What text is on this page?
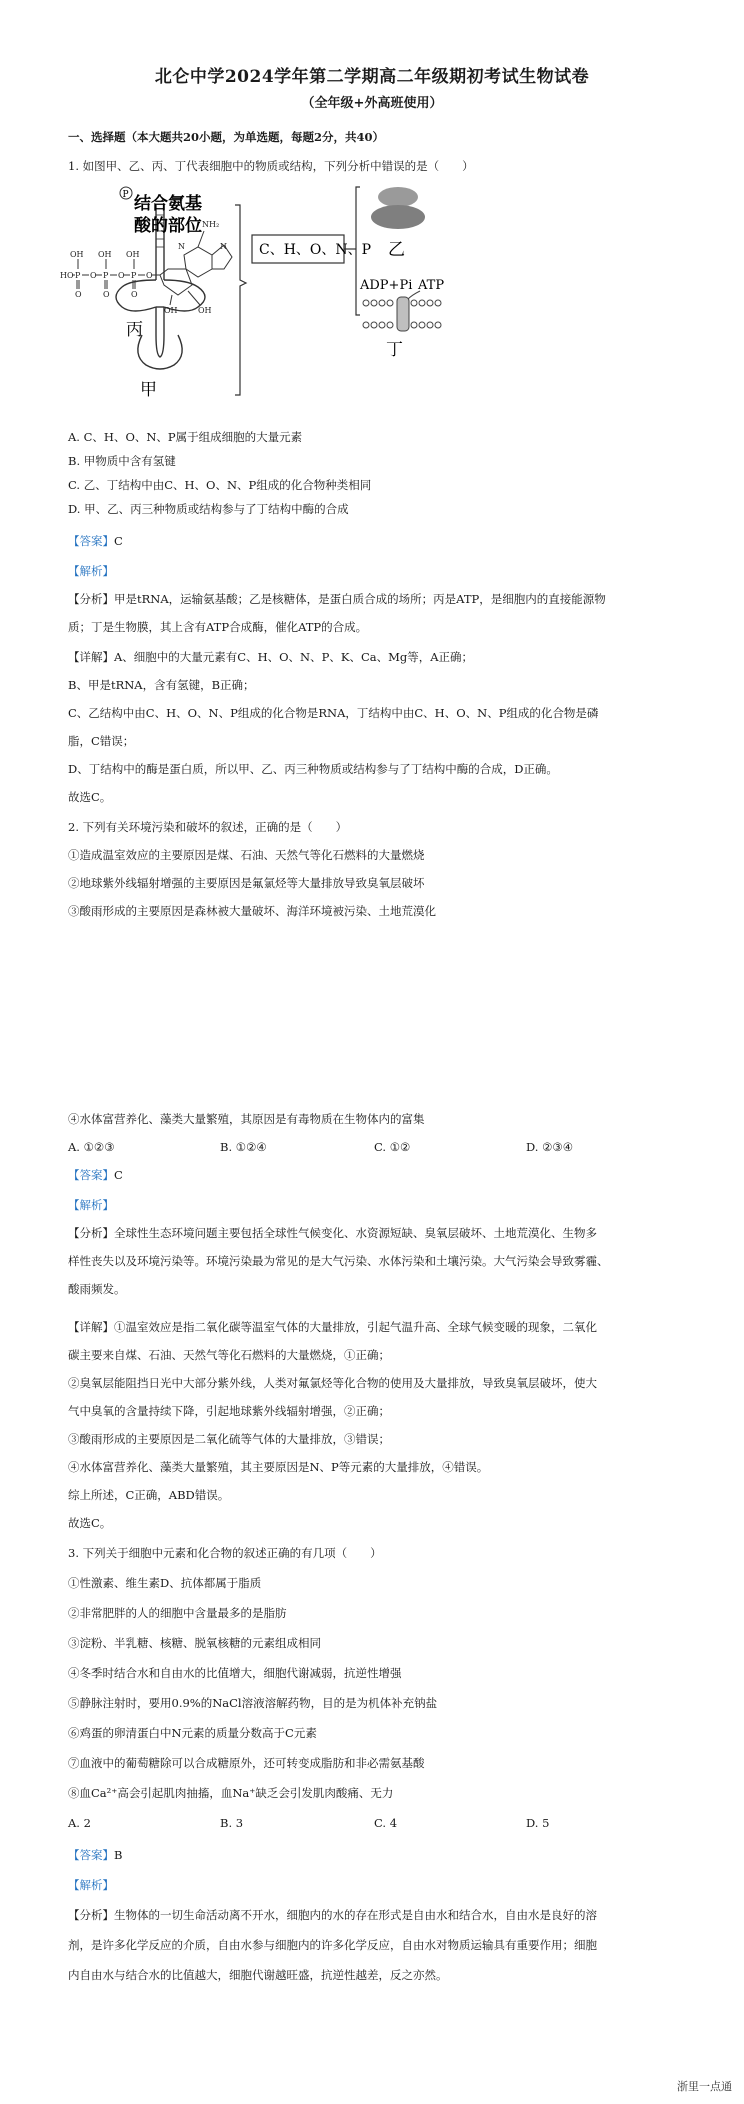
北仑中学2024学年第二学期高二年级期初考试生物试卷
（全年级+外高班使用）
一、选择题（本大题共20小题，为单选题，每题2分，共40）
1. 如图甲、乙、丙、丁代表细胞中的物质或结构，下列分析中错误的是（　　）
P 结合氨基
酸的部位
甲
C、H、O、N、P 乙
ADP+Pi ATP
丁
OH OH OH
HO P O P O P O
O	O	O
NH₂
N	N
OH	OH
丙
A. C、H、O、N、P属于组成细胞的大量元素
B. 甲物质中含有氢键
C. 乙、丁结构中由C、H、O、N、P组成的化合物种类相同
D. 甲、乙、丙三种物质或结构参与了丁结构中酶的合成
【答案】C
【解析】
【分析】甲是tRNA，运输氨基酸；乙是核糖体，是蛋白质合成的场所；丙是ATP，是细胞内的直接能源物
质；丁是生物膜，其上含有ATP合成酶，催化ATP的合成。
【详解】A、细胞中的大量元素有C、H、O、N、P、K、Ca、Mg等，A正确；
B、甲是tRNA，含有氢键，B正确；
C、乙结构中由C、H、O、N、P组成的化合物是RNA，丁结构中由C、H、O、N、P组成的化合物是磷
脂，C错误；
D、丁结构中的酶是蛋白质，所以甲、乙、丙三种物质或结构参与了丁结构中酶的合成，D正确。
故选C。
2. 下列有关环境污染和破坏的叙述，正确的是（　　）
①造成温室效应的主要原因是煤、石油、天然气等化石燃料的大量燃烧
②地球紫外线辐射增强的主要原因是氟氯烃等大量排放导致臭氧层破坏
③酸雨形成的主要原因是森林被大量破坏、海洋环境被污染、土地荒漠化
④水体富营养化、藻类大量繁殖，其原因是有毒物质在生物体内的富集
A. ①②③	B. ①②④	C. ①②	D. ②③④
【答案】C
【解析】
【分析】全球性生态环境问题主要包括全球性气候变化、水资源短缺、臭氧层破坏、土地荒漠化、生物多
样性丧失以及环境污染等。环境污染最为常见的是大气污染、水体污染和土壤污染。大气污染会导致雾霾、
酸雨频发。
【详解】①温室效应是指二氧化碳等温室气体的大量排放，引起气温升高、全球气候变暖的现象，二氧化
碳主要来自煤、石油、天然气等化石燃料的大量燃烧，①正确；
②臭氧层能阻挡日光中大部分紫外线，人类对氟氯烃等化合物的使用及大量排放，导致臭氧层破坏，使大
气中臭氧的含量持续下降，引起地球紫外线辐射增强，②正确；
③酸雨形成的主要原因是二氧化硫等气体的大量排放，③错误；
④水体富营养化、藻类大量繁殖，其主要原因是N、P等元素的大量排放，④错误。
综上所述，C正确，ABD错误。
故选C。
3. 下列关于细胞中元素和化合物的叙述正确的有几项（　　）
①性激素、维生素D、抗体都属于脂质
②非常肥胖的人的细胞中含量最多的是脂肪
③淀粉、半乳糖、核糖、脱氧核糖的元素组成相同
④冬季时结合水和自由水的比值增大，细胞代谢减弱，抗逆性增强
⑤静脉注射时，要用0.9%的NaCl溶液溶解药物，目的是为机体补充钠盐
⑥鸡蛋的卵清蛋白中N元素的质量分数高于C元素
⑦血液中的葡萄糖除可以合成糖原外，还可转变成脂肪和非必需氨基酸
⑧血Ca²⁺高会引起肌肉抽搐，血Na⁺缺乏会引发肌肉酸痛、无力
A. 2	B. 3	C. 4	D. 5
【答案】B
【解析】
【分析】生物体的一切生命活动离不开水，细胞内的水的存在形式是自由水和结合水，自由水是良好的溶
剂，是许多化学反应的介质，自由水参与细胞内的许多化学反应，自由水对物质运输具有重要作用；细胞
内自由水与结合水的比值越大，细胞代谢越旺盛，抗逆性越差，反之亦然。
浙里一点通
